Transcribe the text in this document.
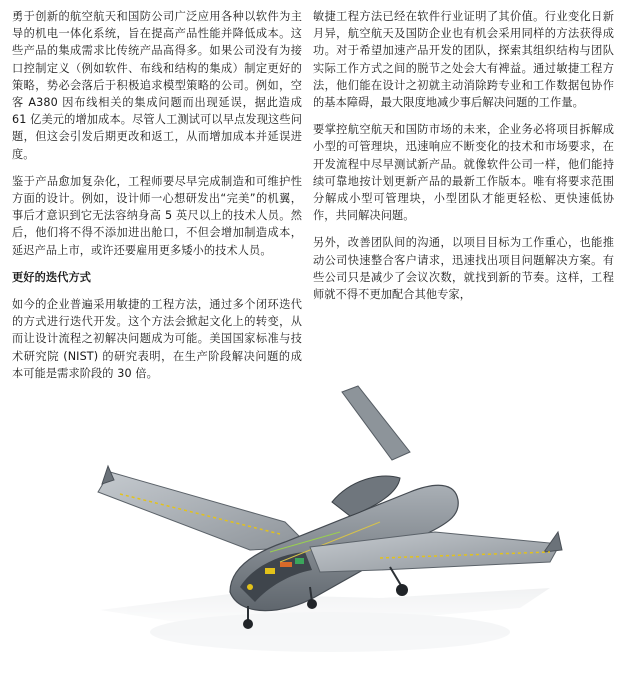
勇于创新的航空航天和国防公司广泛应用各种以软件为主导的机电一体化系统，旨在提高产品性能并降低成本。这些产品的集成需求比传统产品高得多。如果公司没有为接口控制定义（例如软件、布线和结构的集成）制定更好的策略，势必会落后于积极追求模型策略的公司。例如，空客 A380 因布线相关的集成问题而出现延误，据此造成 61 亿美元的增加成本。尽管人工测试可以早点发现这些问题，但这会引发后期更改和返工，从而增加成本并延误进度。

鉴于产品愈加复杂化，工程师要尽早完成制造和可维护性方面的设计。例如，设计师一心想研发出“完美”的机翼，事后才意识到它无法容纳身高 5 英尺以上的技术人员。然后，他们将不得不添加进出舱口，不但会增加制造成本，延迟产品上市，或许还要雇用更多矮小的技术人员。

更好的迭代方式

如今的企业普遍采用敏捷的工程方法，通过多个闭环迭代的方式进行迭代开发。这个方法会掀起文化上的转变，从而让设计流程之初解决问题成为可能。美国国家标准与技术研究院 (NIST) 的研究表明，在生产阶段解决问题的成本可能是需求阶段的 30 倍。

敏捷工程方法已经在软件行业证明了其价值。行业变化日新月异，航空航天及国防企业也有机会采用同样的方法获得成功。对于希望加速产品开发的团队，探索其组织结构与团队实际工作方式之间的脱节之处会大有裨益。通过敏捷工程方法，他们能在设计之初就主动消除跨专业和工作数据包协作的基本障碍，最大限度地减少事后解决问题的工作量。

要掌控航空航天和国防市场的未来，企业务必将项目拆解成小型的可管理块，迅速响应不断变化的技术和市场要求，在开发流程中尽早测试新产品。就像软件公司一样，他们能持续可靠地按计划更新产品的最新工作版本。唯有将要求范围分解成小型可管理块，小型团队才能更轻松、更快速低协作，共同解决问题。

另外，改善团队间的沟通，以项目目标为工作重心，也能推动公司快速整合客户请求，迅速找出项目问题解决方案。有些公司只是减少了会议次数，就找到新的节奏。这样，工程师就不得不更加配合其他专家，
